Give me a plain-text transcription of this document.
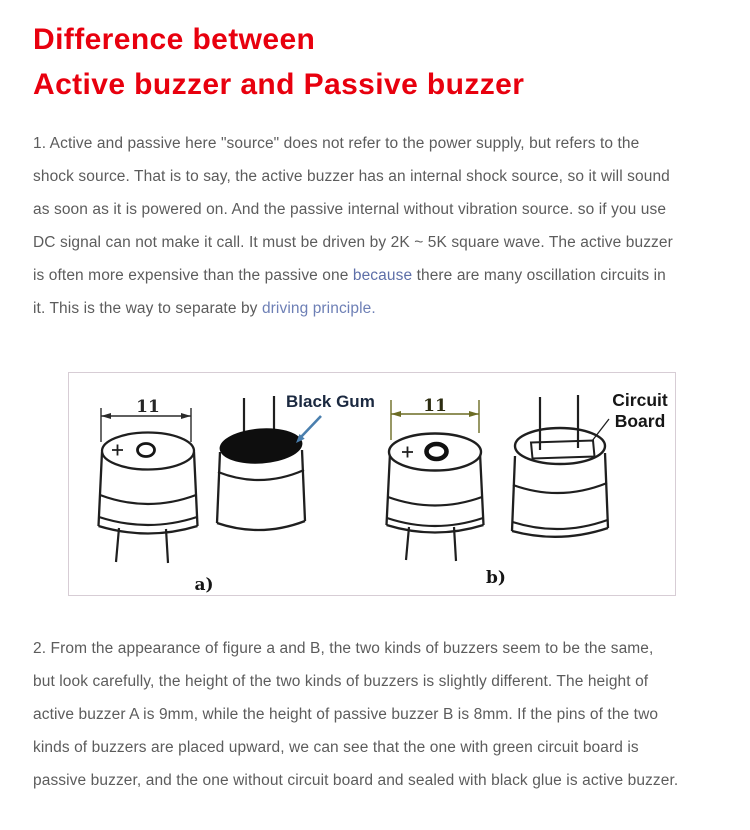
Difference between
Active buzzer and Passive buzzer
1. Active and passive here "source" does not refer to the power supply, but refers to the
shock source. That is to say, the active buzzer has an internal shock source, so it will sound
as soon as it is powered on. And the passive internal without vibration source. so if you use
DC signal can not make it call. It must be driven by 2K ~ 5K square wave. The active buzzer
is often more expensive than the passive one because there are many oscillation circuits in
it. This is the way to separate by driving principle.
11	Black Gum	11	Circuit
Board
a)	b)
2. From the appearance of figure a and B, the two kinds of buzzers seem to be the same,
but look carefully, the height of the two kinds of buzzers is slightly different. The height of
active buzzer A is 9mm, while the height of passive buzzer B is 8mm. If the pins of the two
kinds of buzzers are placed upward, we can see that the one with green circuit board is
passive buzzer, and the one without circuit board and sealed with black glue is active buzzer.
